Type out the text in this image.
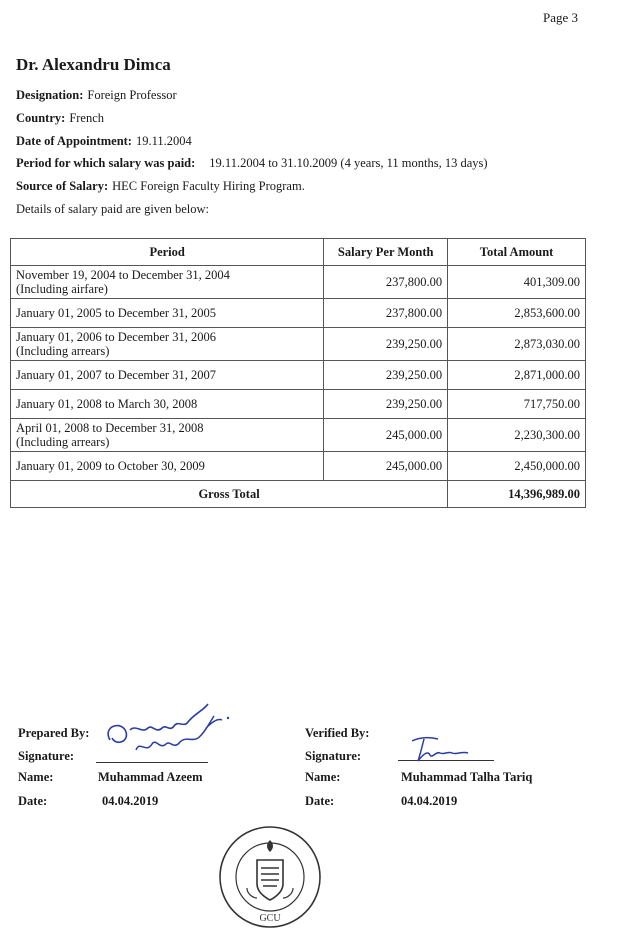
Page 3
Dr. Alexandru Dimca
Designation: Foreign Professor
Country: French
Date of Appointment: 19.11.2004
Period for which salary was paid: 19.11.2004 to 31.10.2009 (4 years, 11 months, 13 days)
Source of Salary: HEC Foreign Faculty Hiring Program.
Details of salary paid are given below:
Period	Salary Per Month	Total Amount

November 19, 2004 to December 31, 2004
(Including airfare)	237,800.00	401,309.00
January 01, 2005 to December 31, 2005	237,800.00	2,853,600.00

January 01, 2006 to December 31, 2006
(Including arrears)	239,250.00	2,873,030.00
January 01, 2007 to December 31, 2007	239,250.00	2,871,000.00
January 01, 2008 to March 30, 2008	239,250.00	717,750.00

April 01, 2008 to December 31, 2008
(Including arrears)	245,000.00	2,230,300.00
January 01, 2009 to October 30, 2009	245,000.00	2,450,000.00
Gross Total		14,396,989.00
Prepared By:
Signature:
Name:	Muhammad Azeem
Date:	04.04.2019
Verified By:
Signature:
Name:	Muhammad Talha Tariq
Date:	04.04.2019
GCU
